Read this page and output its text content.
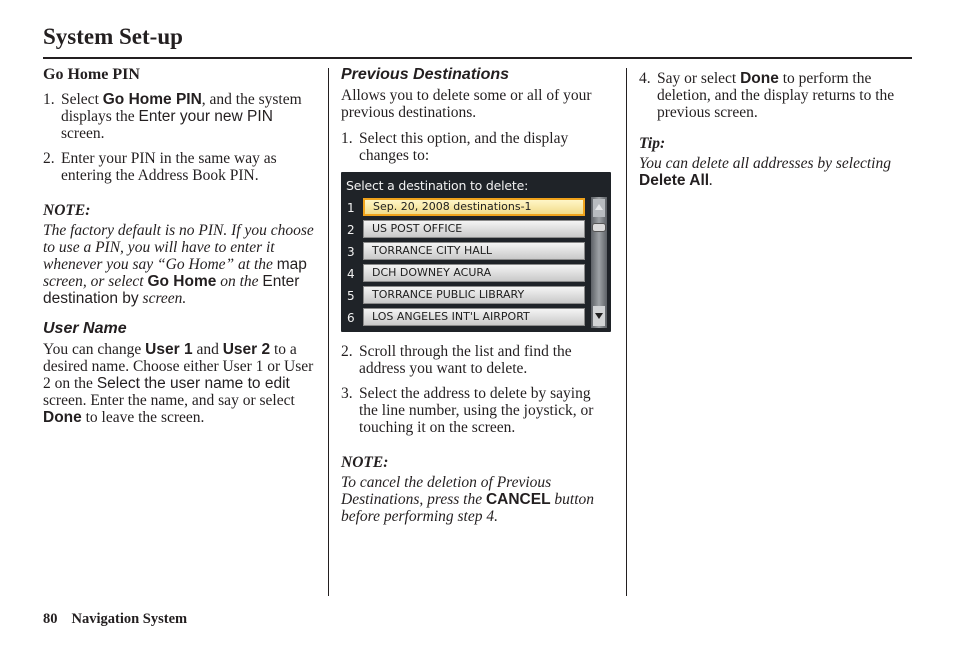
System Set-up
Go Home PIN
1. Select Go Home PIN, and the system displays the Enter your new PIN screen.
2. Enter your PIN in the same way as entering the Address Book PIN.
NOTE:

The factory default is no PIN. If you choose to use a PIN, you will have to enter it whenever you say “Go Home” at the map screen, or select Go Home on the Enter destination by screen.

User Name

You can change User 1 and User 2 to a desired name. Choose either User 1 or User 2 on the Select the user name to edit screen. Enter the name, and say or select Done to leave the screen.

Previous Destinations

Allows you to delete some or all of your previous destinations.

1. Select this option, and the display changes to:
Select a destination to delete:
1	Sep. 20, 2008 destinations-1
2	US POST OFFICE
3	TORRANCE CITY HALL
4	DCH DOWNEY ACURA
5	TORRANCE PUBLIC LIBRARY
6	LOS ANGELES INT'L AIRPORT
2. Scroll through the list and find the address you want to delete.
3. Select the address to delete by saying the line number, using the joystick, or touching it on the screen.
NOTE:

To cancel the deletion of Previous Destinations, press the CANCEL button before performing step 4.

4. Say or select Done to perform the deletion, and the display returns to the previous screen.
Tip:

You can delete all addresses by selecting Delete All.

80 Navigation System
